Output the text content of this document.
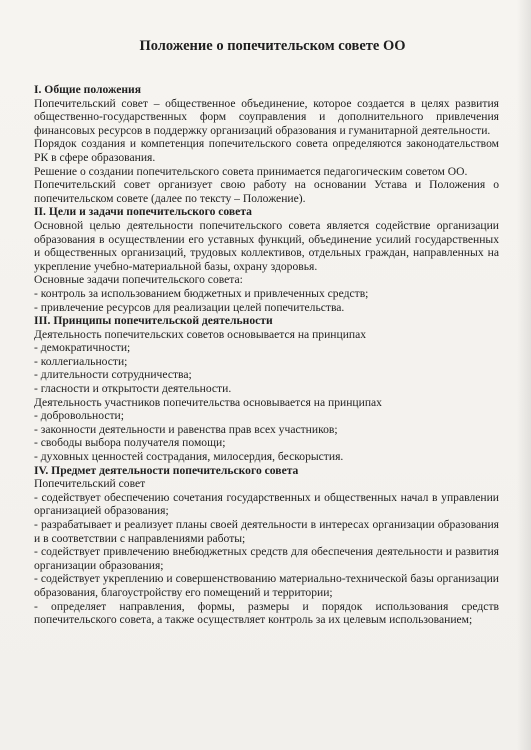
Положение о попечительском совете ОО
I. Общие положения
Попечительский совет – общественное объединение, которое создается в целях развития общественно-государственных форм соуправления и дополнительного привлечения финансовых ресурсов в поддержку организаций образования и гуманитарной деятельности.
Порядок создания и компетенция попечительского совета определяются законодательством РК в сфере образования.
Решение о создании попечительского совета принимается педагогическим советом ОО.
Попечительский совет организует свою работу на основании Устава и Положения о попечительском совете (далее по тексту – Положение).
II. Цели и задачи попечительского совета
Основной целью деятельности попечительского совета является содействие организации образования в осуществлении его уставных функций, объединение усилий государственных и общественных организаций, трудовых коллективов, отдельных граждан, направленных на укрепление учебно-материальной базы, охрану здоровья.
Основные задачи попечительского совета:
- контроль за использованием бюджетных и привлеченных средств;
- привлечение ресурсов для реализации целей попечительства.
III. Принципы попечительской деятельности
Деятельность попечительских советов основывается на принципах
- демократичности;
- коллегиальности;
- длительности сотрудничества;
- гласности и открытости деятельности.
Деятельность участников попечительства основывается на принципах
- добровольности;
- законности деятельности и равенства прав всех участников;
- свободы выбора получателя помощи;
- духовных ценностей сострадания, милосердия, бескорыстия.
IV. Предмет деятельности попечительского совета
Попечительский совет
- содействует обеспечению сочетания государственных и общественных начал в управлении организацией образования;
- разрабатывает и реализует планы своей деятельности в интересах организации образования и в соответствии с направлениями работы;
- содействует привлечению внебюджетных средств для обеспечения деятельности и развития организации образования;
- содействует укреплению и совершенствованию материально-технической базы организации образования, благоустройству его помещений и территории;
- определяет направления, формы, размеры и порядок использования средств попечительского совета, а также осуществляет контроль за их целевым использованием;
